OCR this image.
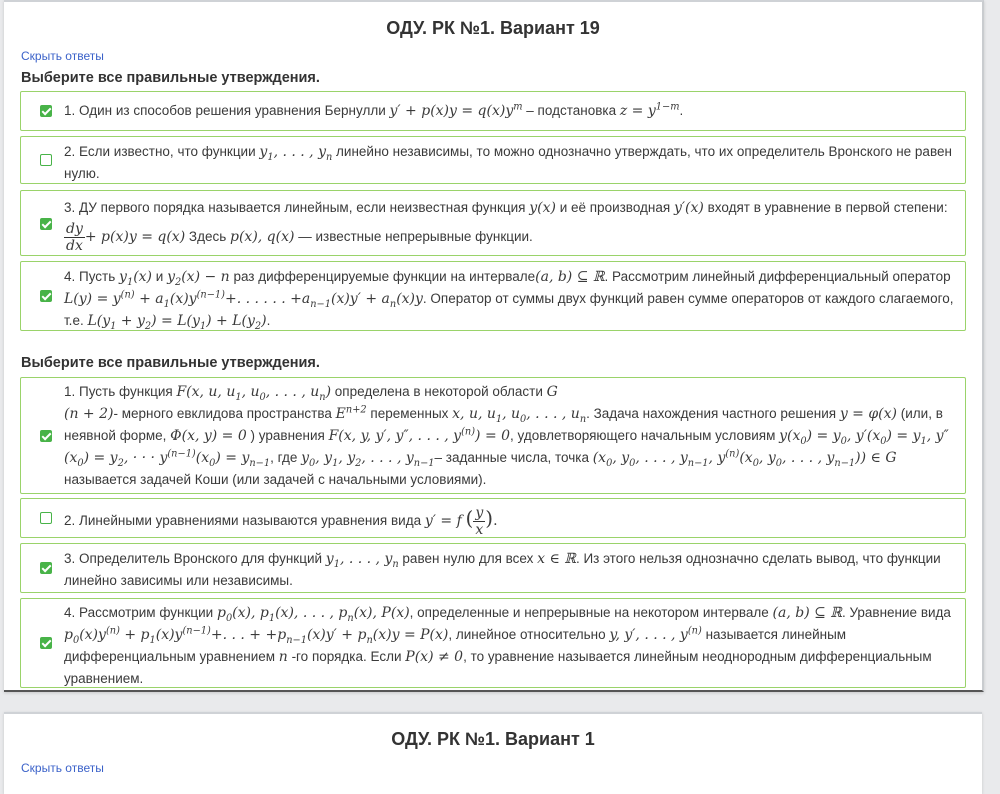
ОДУ. РК №1. Вариант 19
Скрыть ответы
Выберите все правильные утверждения.
1. Один из способов решения уравнения Бернулли $y' + p(x)y = q(x)y^m$ – подстановка $z = y^{1-m}$.
2. Если известно, что функции $y_1$, . . . , $y_n$ линейно независимы, то можно однозначно утверждать, что их определитель Вронского не равен нулю.
3. ДУ первого порядка называется линейным, если неизвестная функция y(x) и её производная y′(x) входят в уравнение в первой степени:
$\frac{dy}{dx} + p(x)y = q(x)$ Здесь p(x), q(x) — известные непрерывные функции.
4. Пусть $y_1(x)$ и $y_2(x) - n$ раз дифференцируемые функции на интервале(a, b) ⊆ ℝ. Рассмотрим линейный дифференциальный оператор $L(y) = y^{(n)} + a_1(x)y^{(n-1)}+$. . . . . . $+a_{n-1}(x)y' + a_n(x)y$. Оператор от суммы двух функций равен сумме операторов от каждого слагаемого, т.е. $L(y_1 + y_2) = L(y_1) + L(y_2)$.
Выберите все правильные утверждения.
1. Пусть функция F(x, u, $u_1$, $u_0$, . . . , $u_n$) определена в некоторой области G
(n + 2)- мерного евклидова пространства $E^{n+2}$ переменных x, u, $u_1$, $u_0$, . . . , $u_n$. Задача нахождения частного решения y = φ(x) (или, в неявной форме, Φ(x, y) = 0 ) уравнения F(x, y, y′, y″, . . . , $y^{(n)}) = 0$, удовлетворяющего начальным условиям $y(x_0) = y_0$, $y'(x_0) = y_1$, $y''(x_0) = y_2$, · · · $y^{(n-1)}(x_0) = y_{n-1}$, где $y_0$, $y_1$, $y_2$, . . . , $y_{n-1}-$ заданные числа, точка ($x_0$, $y_0$, . . . , $y_{n-1}$, $y^{(n)}(x_0$, $y_0$, . . . , $y_{n-1}$)) ∈ G называется задачей Коши (или задачей с начальными условиями).
2. Линейными уравнениями называются уравнения вида y′ = f ( $\frac{y}{x}$ ).
3. Определитель Вронского для функций $y_1$, . . . , $y_n$ равен нулю для всех x ∈ ℝ. Из этого нельзя однозначно сделать вывод, что функции линейно зависимы или независимы.
4. Рассмотрим функции $p_0(x)$, $p_1(x)$, . . . , $p_n(x)$, P(x), определенные и непрерывные на некотором интервале (a, b) ⊆ ℝ. Уравнение вида $p_0(x)y^{(n)} + p_1(x)y^{(n-1)}+$. . . + $+p_{n-1}(x)y' + p_n(x)y = P(x)$, линейное относительно y, y′, . . . , $y^{(n)}$ называется линейным дифференциальным уравнением n -го порядка. Если P(x) ≠ 0, то уравнение называется линейным неоднородным дифференциальным уравнением.
ОДУ. РК №1. Вариант 1
Скрыть ответы
